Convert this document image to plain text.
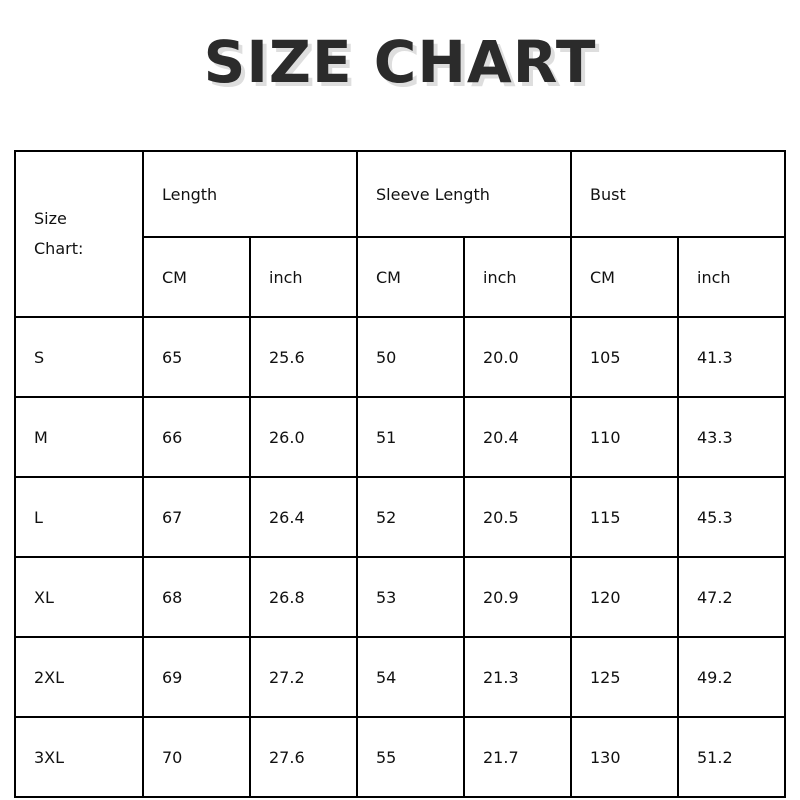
SIZE CHART
Size
Chart:	Length		Sleeve Length		Bust	
	CM	inch	CM	inch	CM	inch
S	65	25.6	50	20.0	105	41.3
M	66	26.0	51	20.4	110	43.3
L	67	26.4	52	20.5	115	45.3
XL	68	26.8	53	20.9	120	47.2
2XL	69	27.2	54	21.3	125	49.2
3XL	70	27.6	55	21.7	130	51.2
